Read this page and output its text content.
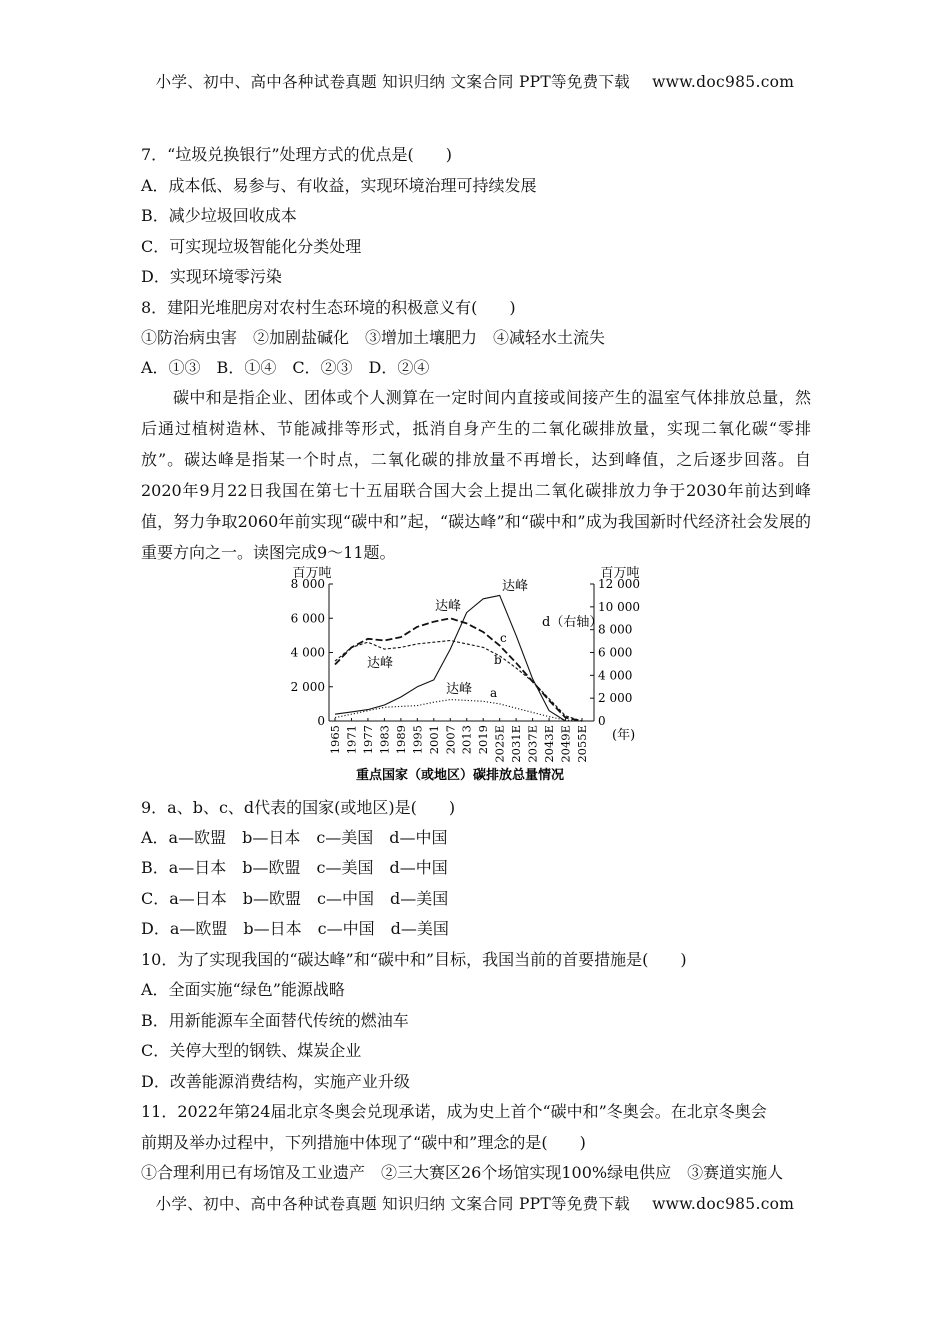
小学、初中、高中各种试卷真题 知识归纳 文案合同 PPT等免费下载 www.doc985.com
7．“垃圾兑换银行”处理方式的优点是(　　)
A．成本低、易参与、有收益，实现环境治理可持续发展
B．减少垃圾回收成本
C．可实现垃圾智能化分类处理
D．实现环境零污染
8．建阳光堆肥房对农村生态环境的积极意义有(　　)
①防治病虫害　②加剧盐碱化　③增加土壤肥力　④减轻水土流失
A．①③　B．①④　C．②③　D．②④

碳中和是指企业、团体或个人测算在一定时间内直接或间接产生的温室气体排放总量，然后通过植树造林、节能减排等形式，抵消自身产生的二氧化碳排放量，实现二氧化碳“零排放”。碳达峰是指某一个时点，二氧化碳的排放量不再增长，达到峰值，之后逐步回落。自2020年9月22日我国在第七十五届联合国大会上提出二氧化碳排放力争于2030年前达到峰值，努力争取2060年前实现“碳中和”起，“碳达峰”和“碳中和”成为我国新时代经济社会发展的重要方向之一。读图完成9～11题。

百万吨	百万吨
0
2 000
4 000
6 000
8 000
0
2 000
4 000
6 000
8 000
10 000
12 000
1965 1971 1977 1983 1989 1995 2001 2007 2013 2019 2025E 2031E 2037E 2043E 2049E 2055E (年)
达峰
达峰
达峰
达峰
c
b
a
d（右轴）
重点国家（或地区）碳排放总量情况
9．a、b、c、d代表的国家(或地区)是(　　)
A．a—欧盟　b—日本　c—美国　d—中国
B．a—日本　b—欧盟　c—美国　d—中国
C．a—日本　b—欧盟　c—中国　d—美国
D．a—欧盟　b—日本　c—中国　d—美国
10．为了实现我国的“碳达峰”和“碳中和”目标，我国当前的首要措施是(　　)
A．全面实施“绿色”能源战略
B．用新能源车全面替代传统的燃油车
C．关停大型的钢铁、煤炭企业
D．改善能源消费结构，实施产业升级
11．2022年第24届北京冬奥会兑现承诺，成为史上首个“碳中和”冬奥会。在北京冬奥会
前期及举办过程中，下列措施中体现了“碳中和”理念的是(　　)
①合理利用已有场馆及工业遗产　②三大赛区26个场馆实现100%绿电供应　③赛道实施人
小学、初中、高中各种试卷真题 知识归纳 文案合同 PPT等免费下载 www.doc985.com
